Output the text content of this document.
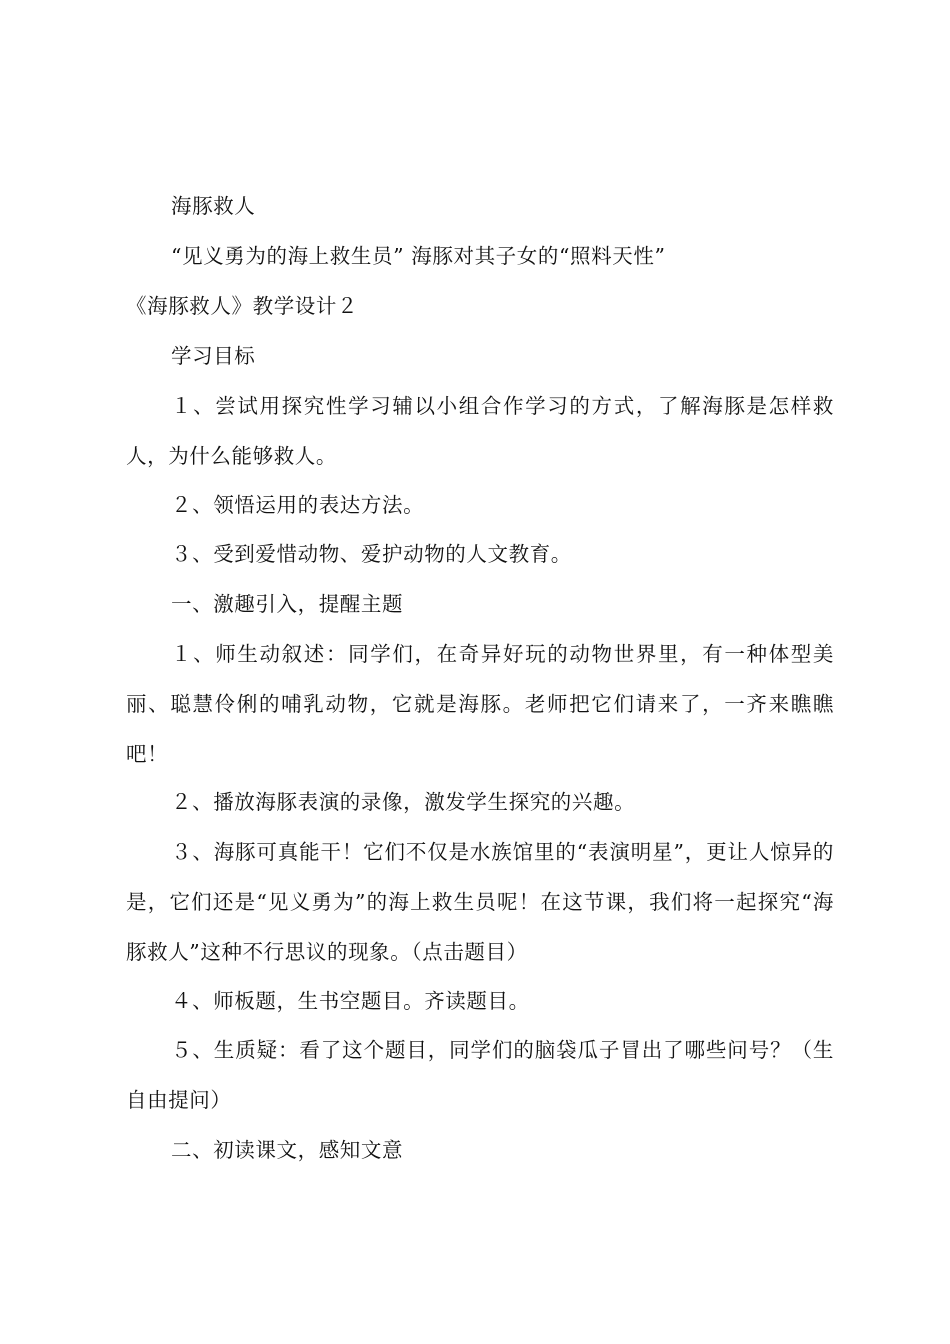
海豚救人

“见义勇为的海上救生员” 海豚对其子女的“照料天性”

《海豚救人》教学设计２

学习目标

１、尝试用探究性学习辅以小组合作学习的方式，了解海豚是怎样救人，为什么能够救人。

２、领悟运用的表达方法。

３、受到爱惜动物、爱护动物的人文教育。

一、激趣引入，提醒主题

１、师生动叙述：同学们，在奇异好玩的动物世界里，有一种体型美丽、聪慧伶俐的哺乳动物，它就是海豚。老师把它们请来了，一齐来瞧瞧吧！

２、播放海豚表演的录像，激发学生探究的兴趣。

３、海豚可真能干！它们不仅是水族馆里的“表演明星”，更让人惊异的是，它们还是“见义勇为”的海上救生员呢！在这节课，我们将一起探究“海豚救人”这种不行思议的现象。（点击题目）

４、师板题，生书空题目。齐读题目。

５、生质疑：看了这个题目，同学们的脑袋瓜子冒出了哪些问号？（生自由提问）

二、初读课文，感知文意
